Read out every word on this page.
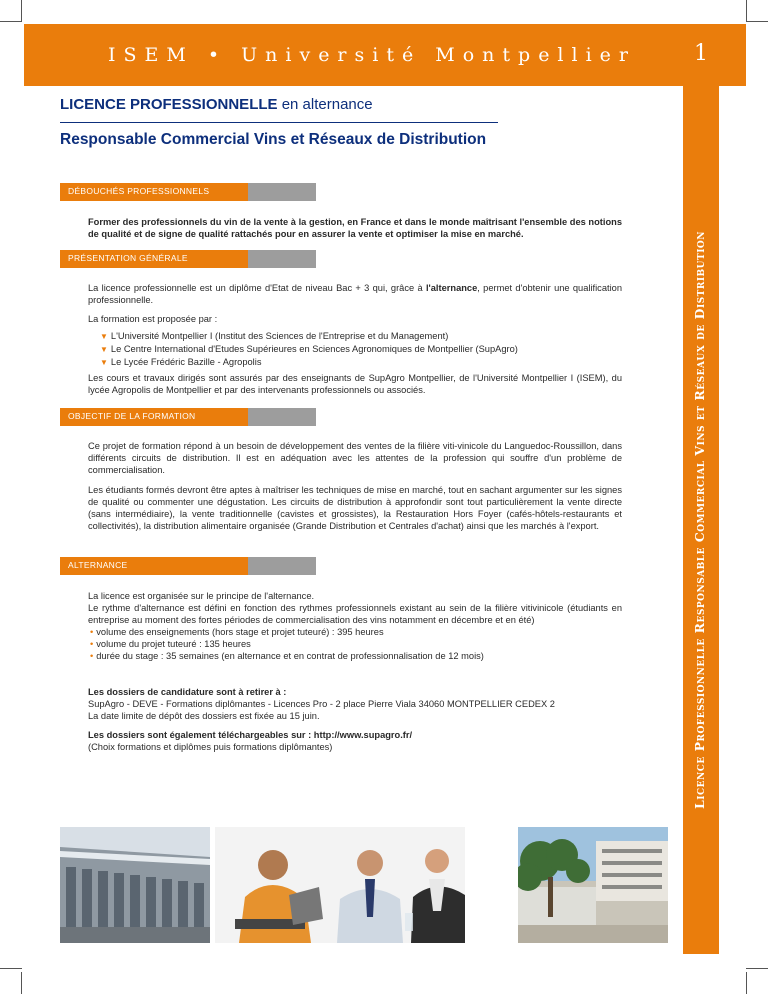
ISEM • Université Montpellier	1
Licence Professionnelle Responsable Commercial Vins et Réseaux de Distribution
LICENCE PROFESSIONNELLE en alternance
Responsable Commercial Vins et Réseaux de Distribution
DÉBOUCHÉS PROFESSIONNELS

Former des professionnels du vin de la vente à la gestion, en France et dans le monde maîtrisant l'ensemble des notions de qualité et de signe de qualité rattachés pour en assurer la vente et optimiser la mise en marché.

PRÉSENTATION GÉNÉRALE

La licence professionnelle est un diplôme d'Etat de niveau Bac + 3 qui, grâce à l'alternance, permet d'obtenir une qualification professionnelle.

La formation est proposée par :

▼ L'Université Montpellier I (Institut des Sciences de l'Entreprise et du Management)
▼ Le Centre International d'Etudes Supérieures en Sciences Agronomiques de Montpellier (SupAgro)
▼ Le Lycée Frédéric Bazille - Agropolis

Les cours et travaux dirigés sont assurés par des enseignants de SupAgro Montpellier, de l'Université Montpellier I (ISEM), du lycée Agropolis de Montpellier et par des intervenants professionnels ou associés.

OBJECTIF DE LA FORMATION

Ce projet de formation répond à un besoin de développement des ventes de la filière viti-vinicole du Languedoc-Roussillon, dans différents circuits de distribution. Il est en adéquation avec les attentes de la profession qui souffre d'un problème de commercialisation.

Les étudiants formés devront être aptes à maîtriser les techniques de mise en marché, tout en sachant argumenter sur les signes de qualité ou commenter une dégustation. Les circuits de distribution à approfondir sont tout particulièrement la vente directe (sans intermédiaire), la vente traditionnelle (cavistes et grossistes), la Restauration Hors Foyer (cafés-hôtels-restaurants et collectivités), la distribution alimentaire organisée (Grande Distribution et Centrales d'achat) ainsi que les marchés à l'export.

ALTERNANCE
La licence est organisée sur le principe de l'alternance.
Le rythme d'alternance est défini en fonction des rythmes professionnels existant au sein de la filière vitivinicole (étudiants en entreprise au moment des fortes périodes de commercialisation des vins notamment en décembre et en été)
• volume des enseignements (hors stage et projet tuteuré) : 395 heures
• volume du projet tuteuré : 135 heures
• durée du stage : 35 semaines (en alternance et en contrat de professionnalisation de 12 mois)
Les dossiers de candidature sont à retirer à :
SupAgro - DEVE - Formations diplômantes - Licences Pro - 2 place Pierre Viala 34060 MONTPELLIER CEDEX 2
La date limite de dépôt des dossiers est fixée au 15 juin.
Les dossiers sont également téléchargeables sur : http://www.supagro.fr/
(Choix formations et diplômes puis formations diplômantes)
